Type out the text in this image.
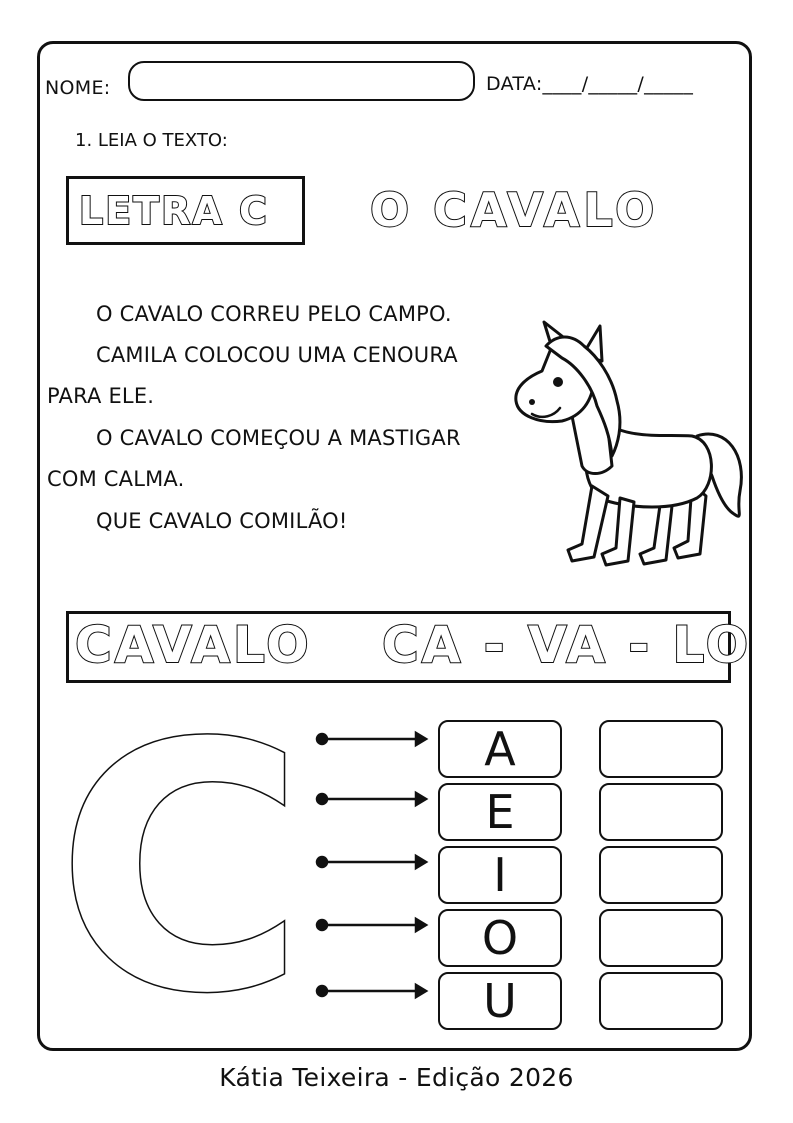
NOME:	DATA:____/_____/_____
1. LEIA O TEXTO:
LETRA C O CAVALO
O CAVALO CORREU PELO CAMPO.
CAMILA COLOCOU UMA CENOURA
PARA ELE.
O CAVALO COMEÇOU A MASTIGAR
COM CALMA.
QUE CAVALO COMILÃO!
CAVALO CA - VA - LO
C	A
E
I
O
U
Kátia Teixeira - Edição 2026
